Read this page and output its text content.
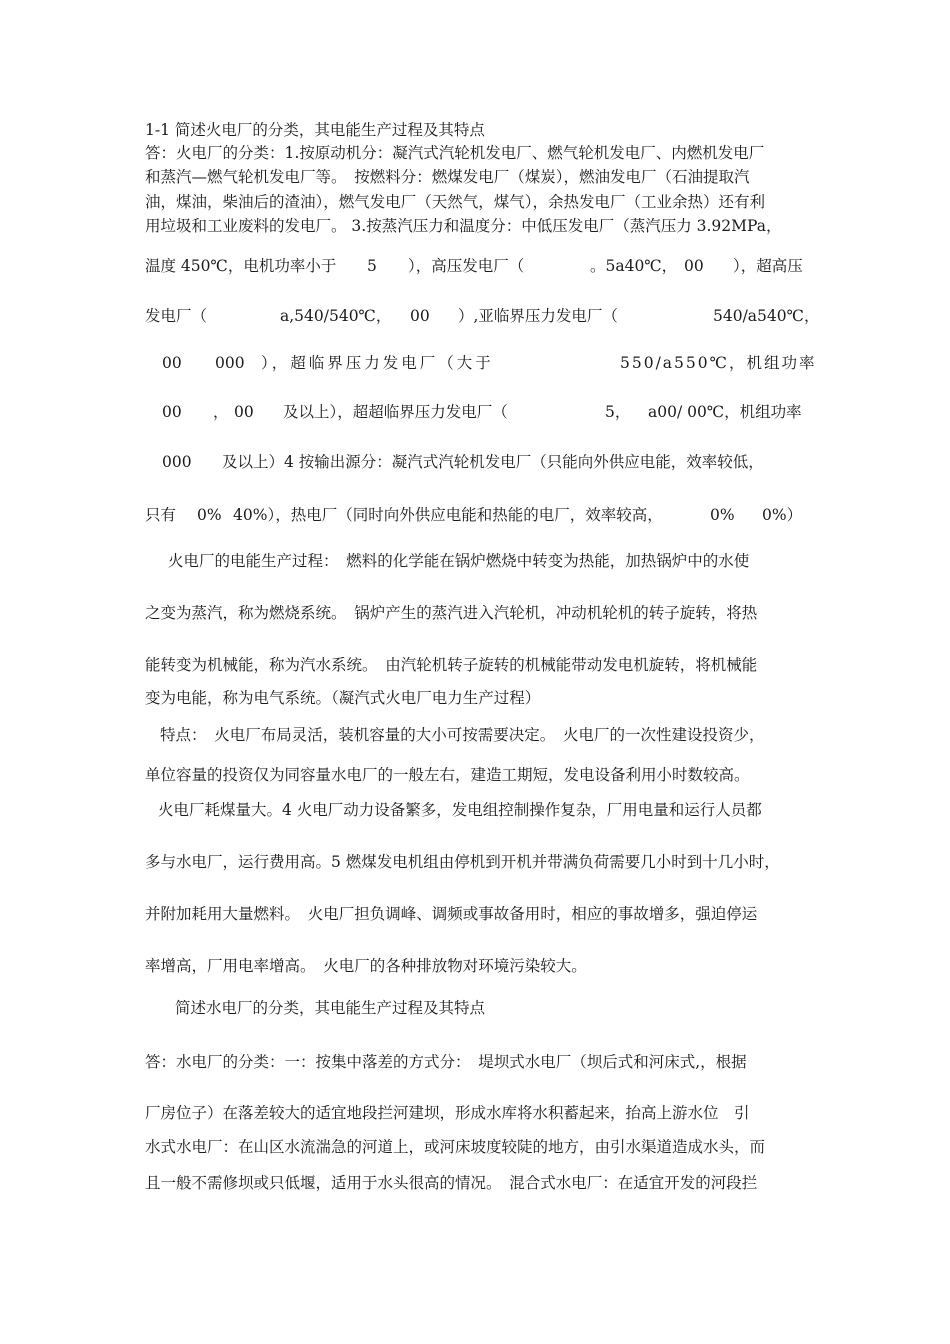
1-1 简述火电厂的分类，其电能生产过程及其特点
答：火电厂的分类：1.按原动机分：凝汽式汽轮机发电厂、燃气轮机发电厂、内燃机发电厂
和蒸汽—燃气轮机发电厂等。　按燃料分：燃煤发电厂（煤炭），燃油发电厂（石油提取汽
油，煤油，柴油后的渣油），燃气发电厂（天然气，煤气），余热发电厂（工业余热）还有利
用垃圾和工业废料的发电厂。 3.按蒸汽压力和温度分：中低压发电厂（蒸汽压力 3.92MPa，
温度 450℃，电机功率小于 5 ），高压发电厂（	。5a40℃， 00 ），超高压
发电厂（	a,540/540℃， 00 ）,亚临界压力发电厂（	540/a540℃，
00 000 ），超临界压力发电厂（大于	550/a550℃，机组功率
00 ， 00 及以上），超超临界压力发电厂（	5， a00/ 00℃，机组功率
000 及以上）4 按输出源分：凝汽式汽轮机发电厂（只能向外供应电能，效率较低，
只有 0% 40%），热电厂（同时向外供应电能和热能的电厂，效率较高，	0% 0%）
火电厂的电能生产过程：　燃料的化学能在锅炉燃烧中转变为热能，加热锅炉中的水使
之变为蒸汽，称为燃烧系统。　锅炉产生的蒸汽进入汽轮机，冲动机轮机的转子旋转，将热
能转变为机械能，称为汽水系统。　由汽轮机转子旋转的机械能带动发电机旋转，将机械能
变为电能，称为电气系统。（凝汽式火电厂电力生产过程）
特点：　火电厂布局灵活，装机容量的大小可按需要决定。　火电厂的一次性建设投资少，
单位容量的投资仅为同容量水电厂的一般左右，建造工期短，发电设备利用小时数较高。
火电厂耗煤量大。4 火电厂动力设备繁多，发电组控制操作复杂，厂用电量和运行人员都
多与水电厂，运行费用高。5 燃煤发电机组由停机到开机并带满负荷需要几小时到十几小时，
并附加耗用大量燃料。　火电厂担负调峰、调频或事故备用时，相应的事故增多，强迫停运
率增高，厂用电率增高。　火电厂的各种排放物对环境污染较大。
简述水电厂的分类，其电能生产过程及其特点
答：水电厂的分类：一：按集中落差的方式分：　堤坝式水电厂（坝后式和河床式,，根据
厂房位子）在落差较大的适宜地段拦河建坝，形成水库将水积蓄起来，抬高上游水位　引
水式水电厂：在山区水流湍急的河道上，或河床坡度较陡的地方，由引水渠道造成水头，而
且一般不需修坝或只低堰，适用于水头很高的情况。　混合式水电厂：在适宜开发的河段拦
